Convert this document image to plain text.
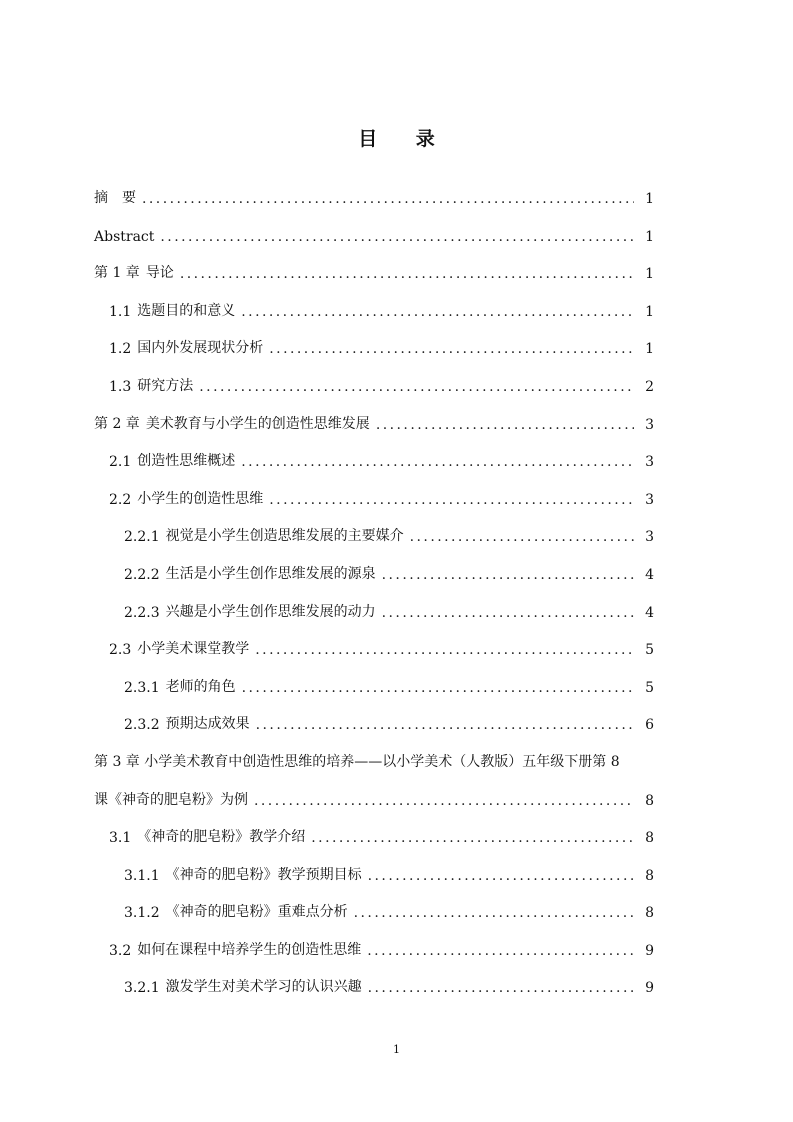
目 录
摘　要 . . .	1
Abstract . . .	1
第 1 章 导论 . . .	1
1.1 选题目的和意义 . . .	1
1.2 国内外发展现状分析 . . .	1
1.3 研究方法 . . .	2
第 2 章 美术教育与小学生的创造性思维发展 . . .	3
2.1 创造性思维概述 . . .	3
2.2 小学生的创造性思维 . . .	3
2.2.1 视觉是小学生创造思维发展的主要媒介 . . .	3
2.2.2 生活是小学生创作思维发展的源泉 . . .	4
2.2.3 兴趣是小学生创作思维发展的动力 . . .	4
2.3 小学美术课堂教学 . . .	5
2.3.1 老师的角色 . . .	5
2.3.2 预期达成效果 . . .	6
第 3 章 小学美术教育中创造性思维的培养——以小学美术（人教版）五年级下册第 8
课《神奇的肥皂粉》为例 . . .	8
3.1 《神奇的肥皂粉》教学介绍 . . .	8
3.1.1 《神奇的肥皂粉》教学预期目标 . . .	8
3.1.2 《神奇的肥皂粉》重难点分析 . . .	8
3.2 如何在课程中培养学生的创造性思维 . . .	9
3.2.1 激发学生对美术学习的认识兴趣 . . .	9
1
